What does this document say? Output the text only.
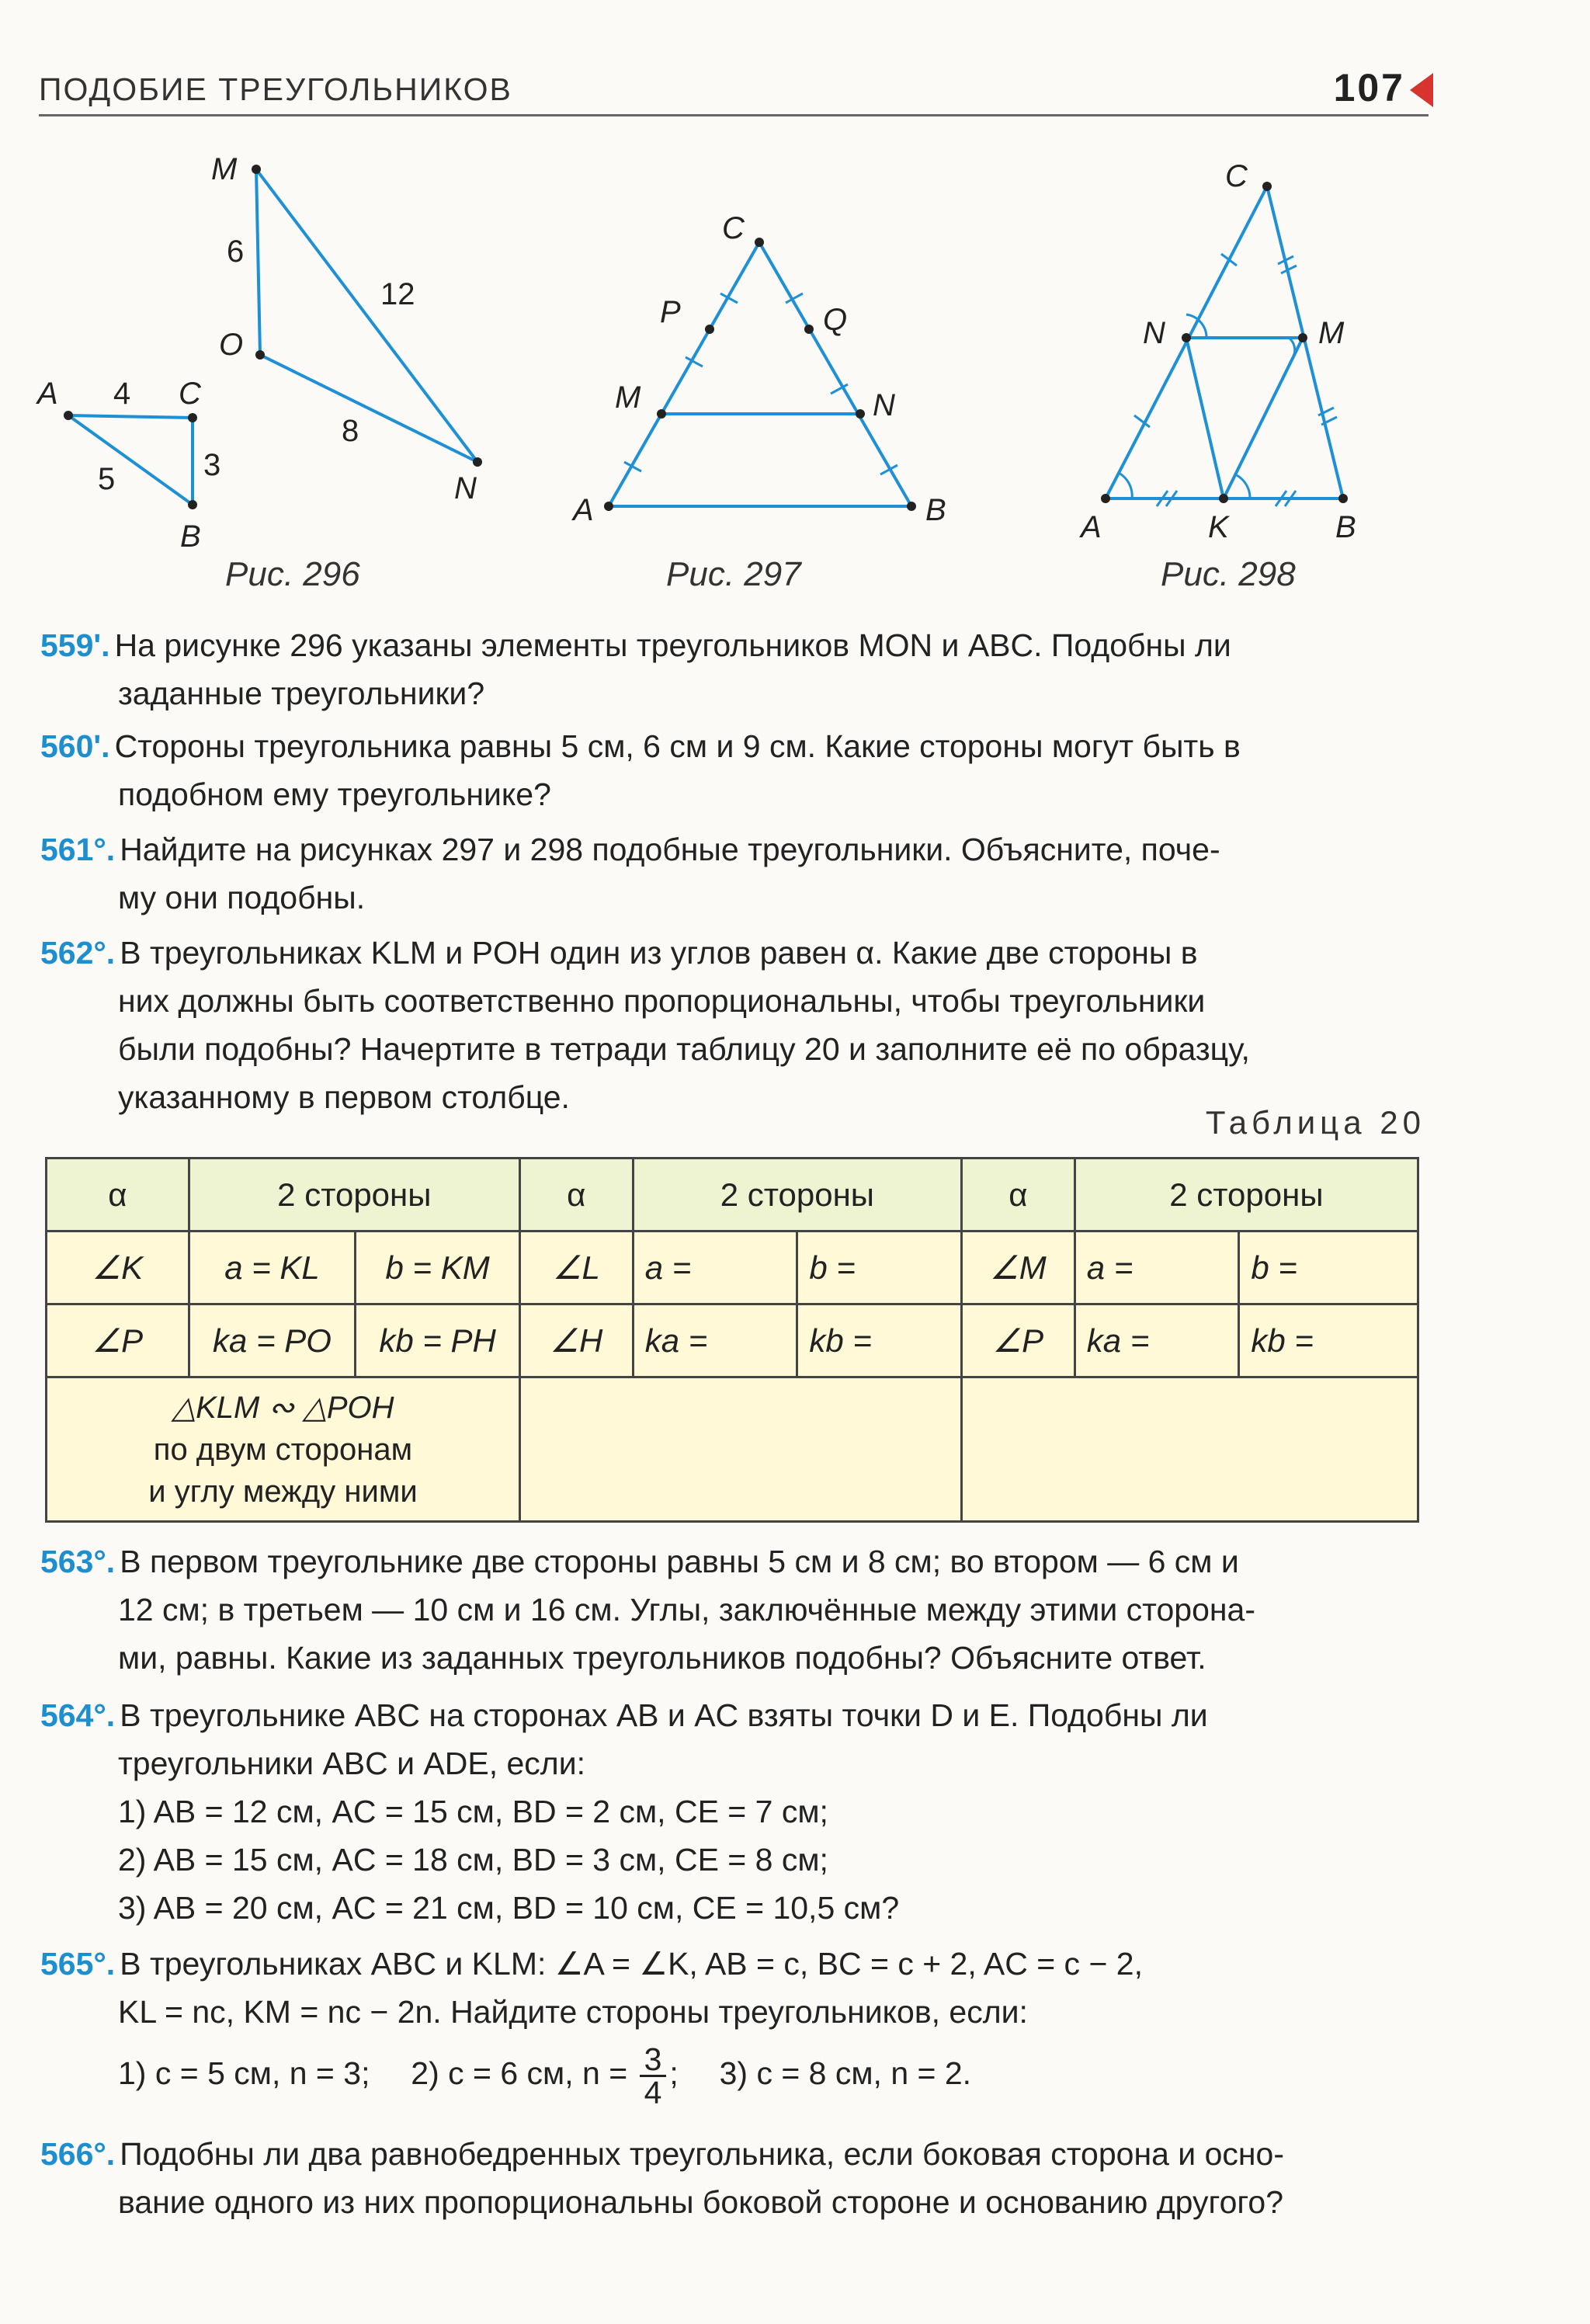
ПОДОБИЕ ТРЕУГОЛЬНИКОВ	107
M
O
N
A	C
B
6
12
8
4
3
5
Рис. 296
C
P	Q
M	N
A	B
Рис. 297
C
N	M
A	K	B
Рис. 298
559'. На рисунке 296 указаны элементы треугольников MON и ABC. Подобны ли
заданные треугольники?
560'. Стороны треугольника равны 5 см, 6 см и 9 см. Какие стороны могут быть в
подобном ему треугольнике?
561°. Найдите на рисунках 297 и 298 подобные треугольники. Объясните, поче-
му они подобны.
562°. В треугольниках KLM и POH один из углов равен α. Какие две стороны в
них должны быть соответственно пропорциональны, чтобы треугольники
были подобны? Начертите в тетради таблицу 20 и заполните её по образцу,
указанному в первом столбце.
Таблица 20
α	2 стороны		α	2 стороны		α	2 стороны	
∠K	a = KL	b = KM	∠L	a =	b =	∠M	a =	b =
∠P	ka = PO	kb = PH	∠H	ka =	kb =	∠P	ka =	kb =

△KLM ∾ △POH
по двум сторонам
и углу между ними								

563°. В первом треугольнике две стороны равны 5 см и 8 см; во втором — 6 см и
12 см; в третьем — 10 см и 16 см. Углы, заключённые между этими сторона-
ми, равны. Какие из заданных треугольников подобны? Объясните ответ.
564°. В треугольнике ABC на сторонах AB и AC взяты точки D и E. Подобны ли
треугольники ABC и ADE, если:
1) AB = 12 см, AC = 15 см, BD = 2 см, CE = 7 см;
2) AB = 15 см, AC = 18 см, BD = 3 см, CE = 8 см;
3) AB = 20 см, AC = 21 см, BD = 10 см, CE = 10,5 см?
565°. В треугольниках ABC и KLM: ∠A = ∠K, AB = c, BC = c + 2, AC = c − 2,
KL = nc, KM = nc − 2n. Найдите стороны треугольников, если:
1) c = 5 см, n = 3; 2) c = 6 см, $n = \frac{3}{4}$ ; 3) c = 8 см, n = 2.
566°. Подобны ли два равнобедренных треугольника, если боковая сторона и осно-
вание одного из них пропорциональны боковой стороне и основанию другого?
